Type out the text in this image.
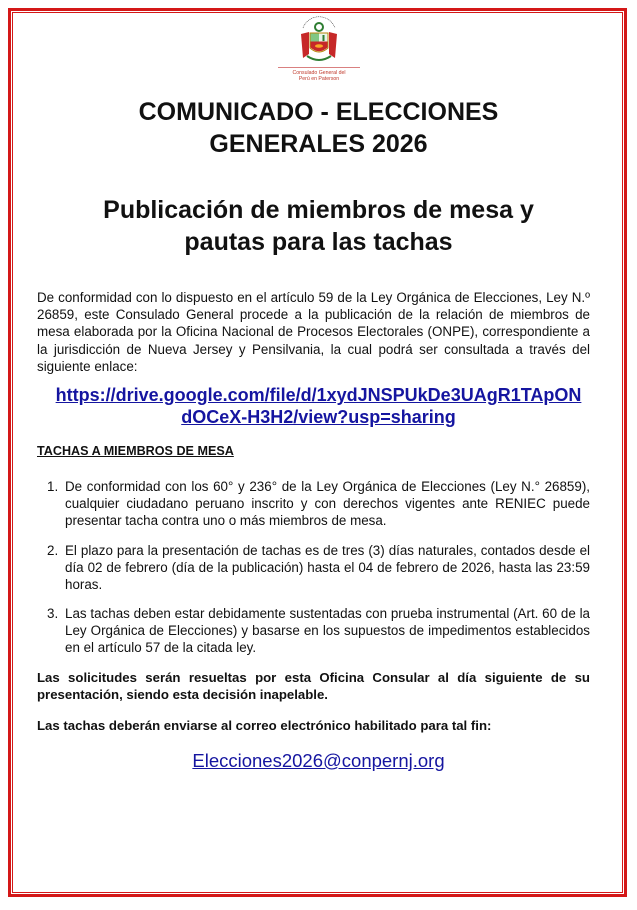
Consulado General del
Perú en Paterson
COMUNICADO - ELECCIONES
GENERALES 2026
Publicación de miembros de mesa y
pautas para las tachas
De conformidad con lo dispuesto en el artículo 59 de la Ley Orgánica de Elecciones, Ley N.º 26859, este Consulado General procede a la publicación de la relación de miembros de mesa elaborada por la Oficina Nacional de Procesos Electorales (ONPE), correspondiente a la jurisdicción de Nueva Jersey y Pensilvania, la cual podrá ser consultada a través del siguiente enlace:
https://drive.google.com/file/d/1xydJNSPUkDe3UAgR1TApON
dOCeX-H3H2/view?usp=sharing
TACHAS A MIEMBROS DE MESA
1. De conformidad con los 60° y 236° de la Ley Orgánica de Elecciones (Ley N.° 26859), cualquier ciudadano peruano inscrito y con derechos vigentes ante RENIEC puede presentar tacha contra uno o más miembros de mesa.
2. El plazo para la presentación de tachas es de tres (3) días naturales, contados desde el día 02 de febrero (día de la publicación) hasta el 04 de febrero de 2026, hasta las 23:59 horas.
3. Las tachas deben estar debidamente sustentadas con prueba instrumental (Art. 60 de la Ley Orgánica de Elecciones) y basarse en los supuestos de impedimentos establecidos en el artículo 57 de la citada ley.
Las solicitudes serán resueltas por esta Oficina Consular al día siguiente de su presentación, siendo esta decisión inapelable.
Las tachas deberán enviarse al correo electrónico habilitado para tal fin:
Elecciones2026@conpernj.org
